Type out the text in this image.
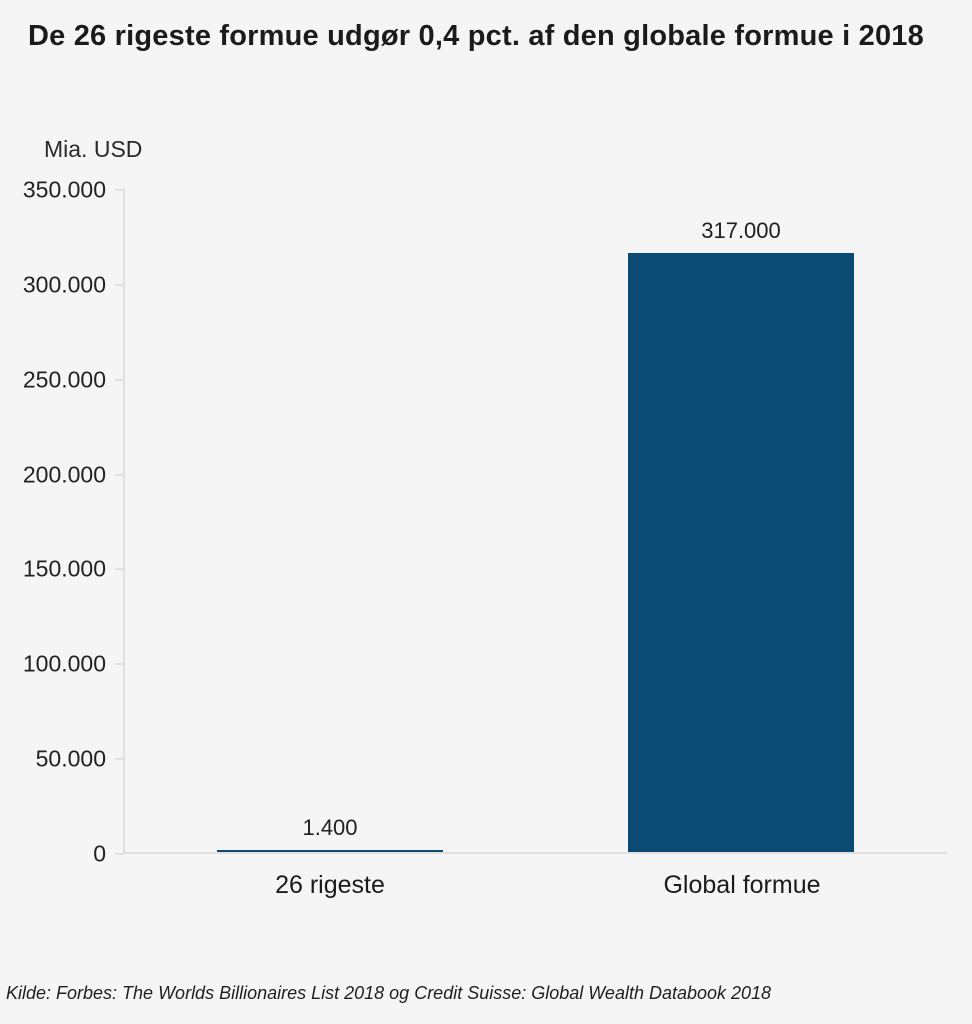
De 26 rigeste formue udgør 0,4 pct. af den globale formue i 2018
Mia. USD
0
50.000
100.000
150.000
200.000
250.000
300.000
350.000
1.400
317.000
26 rigeste	Global formue
Kilde: Forbes: The Worlds Billionaires List 2018 og Credit Suisse: Global Wealth Databook 2018
